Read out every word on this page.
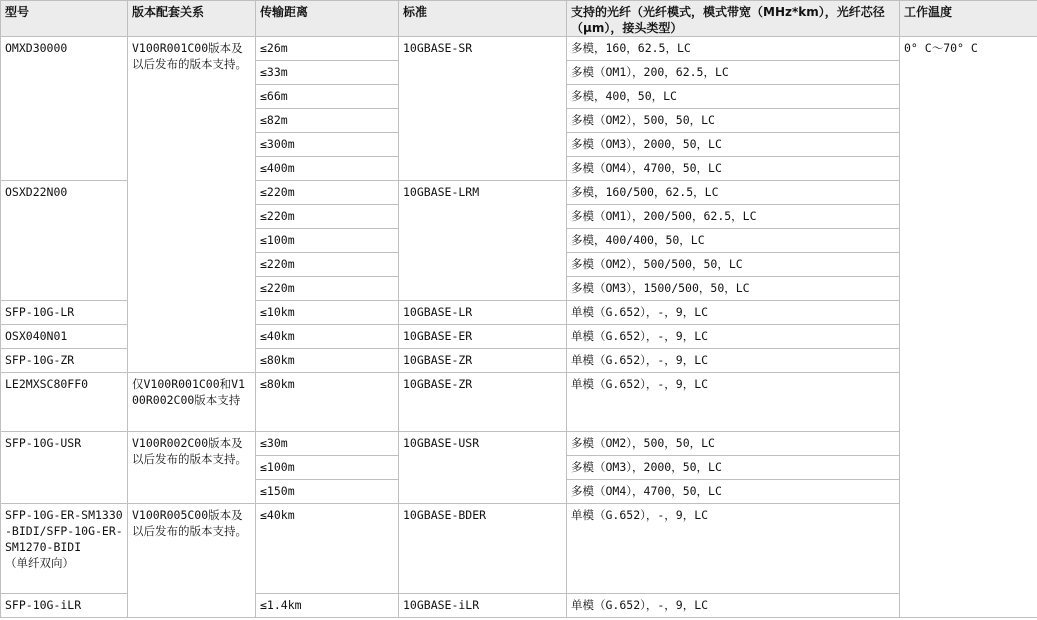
型号	版本配套关系	传输距离	标准	支持的光纤（光纤模式，模式带宽（MHz*km），光纤芯径（μm），接头类型）	工作温度
OMXD30000	V100R001C00版本及以后发布的版本支持。	≤26m	10GBASE-SR	多模，160，62.5，LC	0° C～70° C
		≤33m		多模（OM1），200，62.5，LC	
		≤66m		多模，400，50，LC	
		≤82m		多模（OM2），500，50，LC	
		≤300m		多模（OM3），2000，50，LC	
		≤400m		多模（OM4），4700，50，LC	
OSXD22N00		≤220m	10GBASE-LRM	多模，160/500，62.5，LC	
		≤220m		多模（OM1），200/500，62.5，LC	
		≤100m		多模，400/400，50，LC	
		≤220m		多模（OM2），500/500，50，LC	
		≤220m		多模（OM3），1500/500，50，LC	
SFP-10G-LR		≤10km	10GBASE-LR	单模（G.652），-，9，LC	
OSX040N01		≤40km	10GBASE-ER	单模（G.652），-，9，LC	
SFP-10G-ZR		≤80km	10GBASE-ZR	单模（G.652），-，9，LC	
LE2MXSC80FF0	仅V100R001C00和V100R002C00版本支持	≤80km	10GBASE-ZR	单模（G.652），-，9，LC	
SFP-10G-USR	V100R002C00版本及以后发布的版本支持。	≤30m	10GBASE-USR	多模（OM2），500，50，LC	
		≤100m		多模（OM3），2000，50，LC	
		≤150m		多模（OM4），4700，50，LC	

SFP-10G-ER-SM1330-BIDI/SFP-10G-ER-SM1270-BIDI
（单纤双向）	V100R005C00版本及以后发布的版本支持。	≤40km	10GBASE-BDER	单模（G.652），-，9，LC	
SFP-10G-iLR		≤1.4km	10GBASE-iLR	单模（G.652），-，9，LC	
